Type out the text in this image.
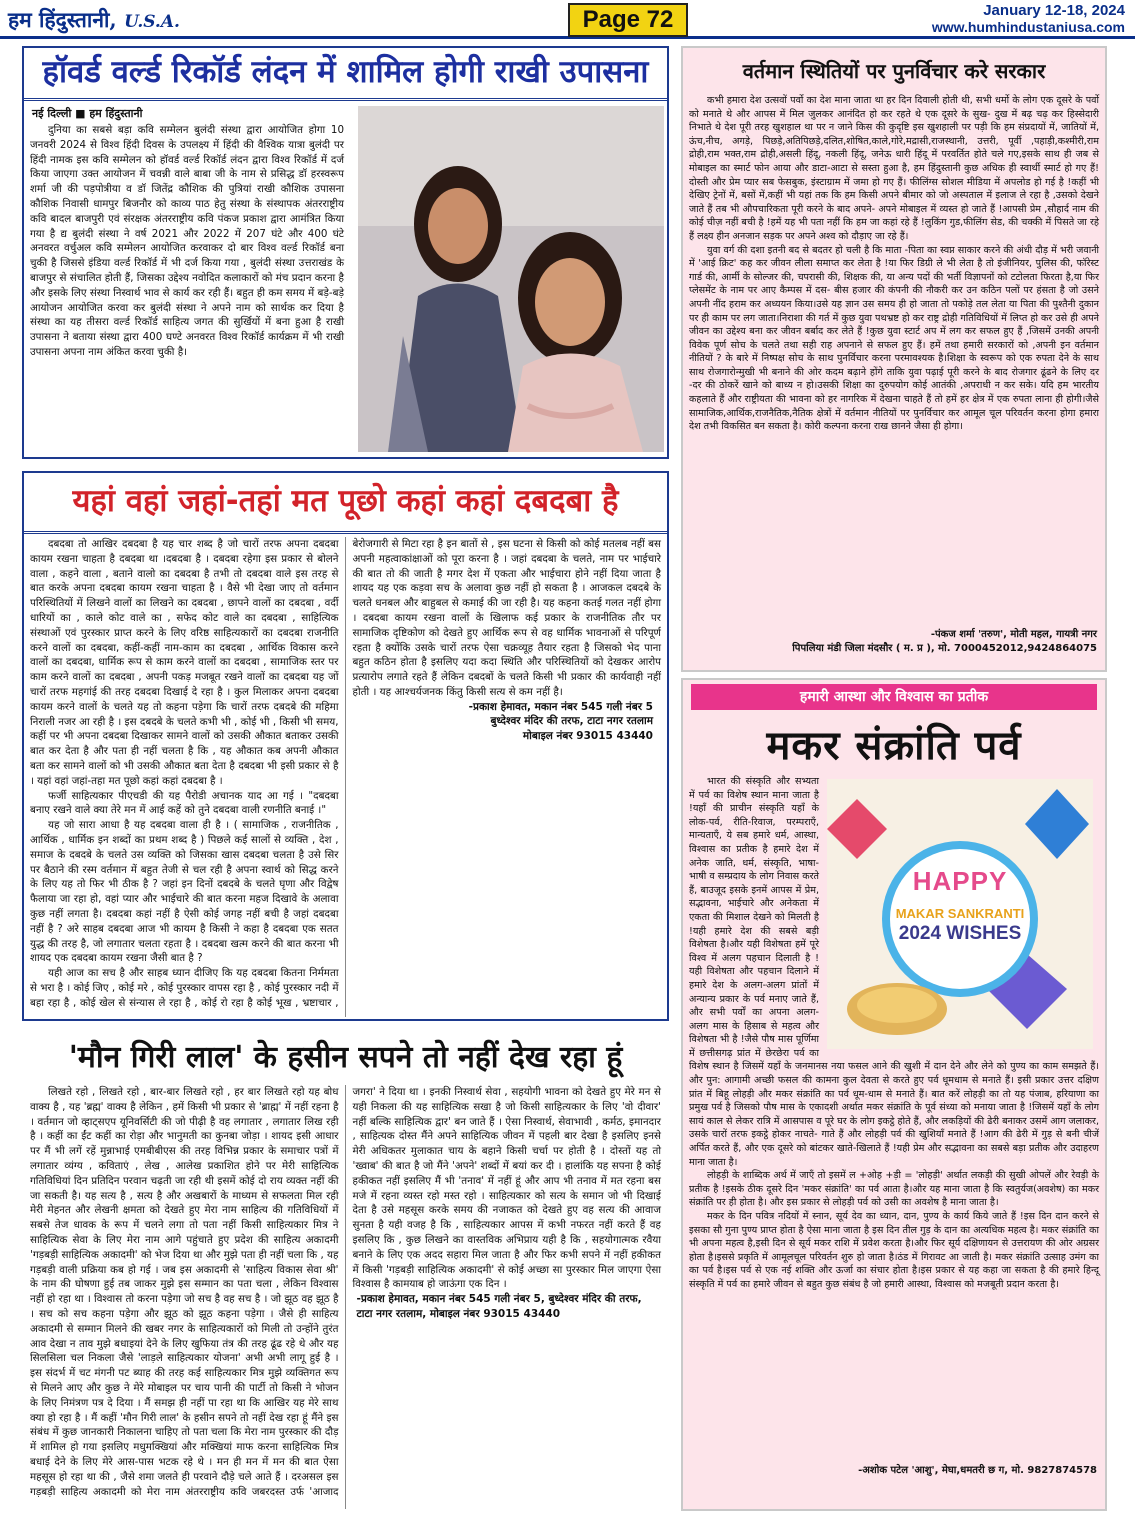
हम हिंदुस्तानी, U.S.A.	Page 72	January 12-18, 2024
www.humhindustaniusa.com
हॉवर्ड वर्ल्ड रिकॉर्ड लंदन में शामिल होगी राखी उपासना
नई दिल्ली ■ हम हिंदुस्तानी

दुनिया का सबसे बड़ा कवि सम्मेलन बुलंदी संस्था द्वारा आयोजित होगा 10 जनवरी 2024 से विश्व हिंदी दिवस के उपलक्ष्य में हिंदी की वैश्विक यात्रा बुलंदी पर हिंदी नामक इस कवि सम्मेलन को हॉवर्ड वर्ल्ड रिकॉर्ड लंदन द्वारा विश्व रिकॉर्ड में दर्ज किया जाएगा उक्त आयोजन में चवन्नी वाले बाबा जी के नाम से प्रसिद्ध डॉ हरस्वरूप शर्मा जी की पड़पोत्रीया व डॉ जितेंद्र कौशिक की पुत्रियां राखी कौशिक उपासना कौशिक निवासी धामपुर बिजनौर को काव्य पाठ हेतु संस्था के संस्थापक अंतरराष्ट्रीय कवि बादल बाजपुरी एवं संरक्षक अंतरराष्ट्रीय कवि पंकज प्रकाश द्वारा आमंत्रित किया गया है द्य बुलंदी संस्था ने वर्ष 2021 और 2022 में 207 घंटे और 400 घंटे अनवरत वर्चुअल कवि सम्मेलन आयोजित करवाकर दो बार विश्व वर्ल्ड रिकॉर्ड बना चुकी है जिससे इंडिया वर्ल्ड रिकॉर्ड में भी दर्ज किया गया , बुलंदी संस्था उत्तराखंड के बाजपुर से संचालित होती हैं, जिसका उद्देश्य नवोदित कलाकारों को मंच प्रदान करना है और इसके लिए संस्था निस्वार्थ भाव से कार्य कर रही हैं। बहुत ही कम समय में बड़े-बड़े आयोजन आयोजित करवा कर बुलंदी संस्था ने अपने नाम को सार्थक कर दिया है संस्था का यह तीसरा वर्ल्ड रिकॉर्ड साहित्य जगत की सुर्खियों में बना हुआ है राखी उपासना ने बताया संस्था द्वारा 400 घण्टे अनवरत विश्व रिकॉर्ड कार्यक्रम में भी राखी उपासना अपना नाम अंकित करवा चुकी है।

यहां वहां जहां-तहां मत पूछो कहां कहां दबदबा है

दबदबा तो आखिर दबदबा है यह चार शब्द है जो चारों तरफ अपना दबदबा कायम रखना चाहता है दबदबा था ।दबदबा है । दबदबा रहेगा इस प्रकार से बोलने वाला , कहने वाला , बताने वालो का दबदबा है तभी तो दबदबा वाले इस तरह से बात करके अपना दबदबा कायम रखना चाहता है । वैसे भी देखा जाए तो वर्तमान परिस्थितियों में लिखने वालों का लिखने का दबदबा , छापने वालों का दबदबा , वर्दी धारियों का , काले कोट वाले का , सफेद कोट वाले का दबदबा , साहित्यिक संस्थाओं एवं पुरस्कार प्राप्त करने के लिए वरिष्ठ साहित्यकारों का दबदबा राजनीति करने वालों का दबदबा, कहीं-कहीं नाम-काम का दबदबा , आर्थिक विकास करने वालों का दबदबा, धार्मिक रूप से काम करने वालों का दबदबा , सामाजिक स्तर पर काम करने वालों का दबदबा , अपनी पकड़ मजबूत रखने वालों का दबदबा यह जों चारों तरफ महगांई की तरह दबदबा दिखाई दे रहा है । कुल मिलाकर अपना दबदबा कायम करने वालों के चलते यह तो कहना पड़ेगा कि चारों तरफ दबदबे की महिमा निराली नजर आ रही है । इस दबदबे के चलते कभी भी , कोई भी , किसी भी समय, कहीं पर भी अपना दबदबा दिखाकर सामने वालों को उसकी औकात बताकर उसकी बात कर देता है और पता ही नहीं चलता है कि , यह औकात कब अपनी औकात बता कर सामने वालों को भी उसकी औकात बता देता है दबदबा भी इसी प्रकार से है । यहां वहां जहां-तहा मत पूछो कहां कहां दबदबा है ।

फर्जी साहित्यकार पीएचडी की यह पैरोडी अचानक याद आ गई । "दबदबा बनाए रखने वाले क्या तेरे मन में आई कहें को तुने दबदबा वाली रणनीति बनाई ।"

यह जो सारा आधा है यह दबदबा वाला ही है । ( सामाजिक , राजनीतिक , आर्थिक , धार्मिक इन शब्दों का प्रथम शब्द है ) पिछले कई सालों से व्यक्ति , देश , समाज के दबदबे के चलते उस व्यक्ति को जिसका खास दबदबा चलता है उसे सिर पर बैठाने की रस्म वर्तमान में बहुत तेजी से चल रही है अपना स्वार्थ को सिद्ध करने के लिए यह तो फिर भी ठीक है ? जहां इन दिनों दबदबे के चलते घृणा और विद्वेष फैलाया जा रहा हो, वहां प्यार और भाईचारे की बात करना महज दिखावे के अलावा कुछ नहीं लगता है। दबदबा कहां नहीं है ऐसी कोई जगह नहीं बची है जहां दबदबा नहीं है ? अरे साहब दबदबा आज भी कायम है किसी ने कहा है दबदबा एक सतत युद्ध की तरह है, जो लगातार चलता रहता है । दबदबा खत्म करने की बात करना भी शायद एक दबदबा कायम रखना जैसी बात है ?

यही आज का सच है और साहब ध्यान दीजिए कि यह दबदबा कितना निर्ममता से भरा है । कोई जिए , कोई मरे , कोई पुरस्कार वापस रहा है , कोई पुरस्कार नदी में बहा रहा है , कोई खेल से संन्यास ले रहा है , कोई रो रहा है कोई भूख , भ्रष्टाचार , बेरोजगारी से मिटा रहा है इन बातों से , इस घटना से किसी को कोई मतलब नहीं बस अपनी महत्वाकांक्षाओं को पूरा करना है । जहां दबदबा के चलते, नाम पर भाईचारे की बात तो की जाती है मगर देश में एकता और भाईचारा होने नहीं दिया जाता है शायद यह एक कड़वा सच के अलावा कुछ नहीं हो सकता है । आजकल दबदबे के चलते धनबल और बाहुबल से कमाई की जा रही है। यह कहना कतई गलत नहीं होगा । दबदबा कायम रखना वालों के खिलाफ कई प्रकार के राजनीतिक तौर पर सामाजिक दृष्टिकोण को देखते हुए आर्थिक रूप से वह धार्मिक भावनाओं से परिपूर्ण रहता है क्योंकि उसके चारों तरफ ऐसा चक्रव्यूह तैयार रहता है जिसको भेद पाना बहुत कठिन होता है इसलिए यदा कदा स्थिति और परिस्थितियों को देखकर आरोप प्रत्यारोप लगाते रहते हैं लेकिन दबदबों के चलते किसी भी प्रकार की कार्यवाही नहीं होती । यह आश्चर्यजनक किंतु किसी सत्य से कम नहीं है।

-प्रकाश हेमावत, मकान नंबर 545 गली नंबर 5
बुध्देश्वर मंदिर की तरफ, टाटा नगर रतलाम
मोबाइल नंबर 93015 43440
'मौन गिरी लाल' के हसीन सपने तो नहीं देख रहा हूं

लिखते रहो , लिखते रहो , बार-बार लिखते रहो , हर बार लिखते रहो यह बोध वाक्य है , यह 'ब्रह्म' वाक्य है लेकिन , हमें किसी भी प्रकार से 'ब्राह्म' में नहीं रहना है । वर्तमान जो व्हाट्सएप यूनिवर्सिटी की जो पीढ़ी है वह लगातार , लगातार लिख रही है । कहीं का ईंट कहीं का रोड़ा और भानुमती का कुनबा जोड़ा । शायद इसी आधार पर मैं भी लगें रहें मुन्नाभाई एमबीबीएस की तरह विभिन्न प्रकार के समाचार पत्रों में लगातार व्यंग्य , कविताएं , लेख , आलेख प्रकाशित होने पर मेरी साहित्यिक गतिविधियां दिन प्रतिदिन परवान चढ़ती जा रही थी इसमें कोई दो राय व्यक्त नहीं की जा सकती है। यह सत्य है , सत्य है और अखबारों के माध्यम से सफलता मिल रही मेरी मेहनत और लेखनी क्षमता को देखते हुए मेरा नाम साहित्य की गतिविधियों में सबसे तेज धावक के रूप में चलने लगा तो पता नहीं किसी साहित्यकार मित्र ने साहित्यिक सेवा के लिए मेरा नाम आगे पहुंचाते हुए प्रदेश की साहित्य अकादमी 'गड़बड़ी साहित्यिक अकादमी' को भेज दिया था और मुझे पता ही नहीं चला कि , यह गड़बड़ी वाली प्रक्रिया कब हो गई । जब इस अकादमी से 'साहित्य विकास सेवा श्री' के नाम की घोषणा हुई तब जाकर मुझे इस सम्मान का पता चला , लेकिन विश्वास नहीं हो रहा था । विश्वास तो करना पड़ेगा जो सच है वह सच है । जो झूठ वह झूठ है । सच को सच कहना पड़ेगा और झूठ को झूठ कहना पड़ेगा । जैसे ही साहित्य अकादमी से सम्मान मिलने की खबर नगर के साहित्यकारों को मिली तो उन्होंने तुरंत आव देखा न ताव मुझे बधाइयां देने के लिए खुफिया तंत्र की तरह ढूंढ रहे थे और यह सिलसिला चल निकला जैसे 'लाड़ले साहित्यकार योजना' अभी अभी लागू हुई है । इस संदर्भ में चट मंगनी पट ब्याह की तरह कई साहित्यकार मित्र मुझे व्यक्तिगत रूप से मिलने आए और कुछ ने मेरे मोबाइल पर चाय पानी की पार्टी तो किसी ने भोजन के लिए निमंत्रण पत्र दे दिया । मैं समझ ही नहीं पा रहा था कि आखिर यह मेरे साथ क्या हो रहा है । मैं कहीं 'मौन गिरी लाल' के हसीन सपने तो नहीं देख रहा हूं मैंने इस संबंध में कुछ जानकारी निकालना चाहिए तो पता चला कि मेरा नाम पुरस्कार की दौड़ में शामिल हो गया इसलिए मधुमक्खियां और मक्खियां माफ करना साहित्यिक मित्र बधाई देने के लिए मेरे आस-पास भटक रहे थे । मन ही मन में मन की बात ऐसा महसूस हो रहा था की , जैसे शमा जलते ही परवाने दौड़े चले आते हैं । दरअसल इस गड़बड़ी साहित्य अकादमी को मेरा नाम अंतरराष्ट्रीय कवि जबरदस्त उर्फ 'आजाद जगरा' ने दिया था । इनकी निस्वार्थ सेवा , सहयोगी भावना को देखते हुए मेरे मन से यही निकला की यह साहित्यिक सखा है जो किसी साहित्यकार के लिए 'वो दीवार' नहीं बल्कि साहित्यिक द्वार' बन जाते हैं । ऐसा निस्वार्थ, सेवाभावी , कर्मठ, इमानदार , साहित्यक दोस्त मैंने अपने साहित्यिक जीवन में पहली बार देखा है इसलिए इनसे मेरी अधिकतर मुलाकात चाय के बहाने किसी चर्चा पर होती है । दोस्तों यह तो 'ख्वाब' की बात है जो मैंने 'अपने' शब्दों में बयां कर दी । हालांकि यह सपना है कोई हकीकत नहीं इसलिए मैं भी 'तनाव' में नहीं हूं और आप भी तनाव में मत रहना बस मजे में रहना व्यस्त रहो मस्त रहो । साहित्यकार को सत्य के समान जो भी दिखाई देता है उसे महसूस करके समय की नजाकत को देखते हुए वह सत्य की आवाज सुनता है यही वजह है कि , साहित्यकार आपस में कभी नफरत नहीं करते हैं वह इसलिए कि , कुछ लिखने का वास्तविक अभिप्राय यही है कि , सहयोगात्मक रवैया बनाने के लिए एक अदद सहारा मिल जाता है और फिर कभी सपने में नहीं हकीकत में किसी 'गड़बड़ी साहित्यिक अकादमी' से कोई अच्छा सा पुरस्कार मिल जाएगा ऐसा विश्वास है कामयाब हो जाऊंगा एक दिन ।

-प्रकाश हेमावत, मकान नंबर 545 गली नंबर 5, बुध्देश्वर मंदिर की तरफ, टाटा नगर रतलाम, मोबाइल नंबर 93015 43440
वर्तमान स्थितियों पर पुनर्विचार करे सरकार

कभी हमारा देश उत्सवों पर्वो का देश माना जाता था हर दिन दिवाली होती थी, सभी धर्मो के लोग एक दूसरे के पर्वो को मनाते थे और आपस में मिल जुलकर आनंदित हो कर रहते थे एक दूसरे के सुख- दुख में बढ़ चढ़ कर हिस्सेदारी निभाते थे देश पूरी तरह खुशहाल था पर न जाने किस की कुदृष्टि इस खुशहाली पर पड़ी कि हम संप्रदायों में, जातियों में, ऊंच,नीच, अगड़े, पिछड़े,अतिपिछड़े,दलित,शोषित,काले,गोरे,मद्रासी,राजस्थानी, उत्तरी, पूर्वी ,पहाड़ी,कश्मीरी,राम द्रोही,राम भक्त,राम द्रोही,असली हिंदू, नकली हिंदू, जनेऊ धारी हिंदू में परवर्तित होते चले गए,इसके साथ ही जब से मोबाइल का स्मार्ट फोन आया और डाटा-आटा से सस्ता हुआ है, हम हिंदुस्तानी कुछ अधिक ही स्वार्थी स्मार्ट हो गए हैं! दोस्ती और प्रेम प्यार सब फेसबुक, इंस्टाग्राम में जमा हो गए हैं। फीलिंग्स सोशल मीडिया में अपलोड हो गई है !कहीं भी देखिए ट्रेनों में, बसों में,कहीं भी यहां तक कि हम किसी अपने बीमार को जो अस्पताल में इलाज ले रहा है ,उसको देखने जाते हैं तब भी औपचारिकता पूरी करने के बाद अपने- अपने मोबाइल में व्यस्त हो जाते हैं !आपसी प्रेम ,सौहार्द नाम की कोई चीज़ नहीं बची है !हमें यह भी पता नहीं कि हम जा कहां रहे हैं !लुकिंग गुड,फीलिंग सेड, की चक्की में पिसते जा रहे हैं लक्ष्य हीन अनजान सड़क पर अपने अश्व को दौड़ाए जा रहे हैं।

युवा वर्ग की दशा इतनी बद से बदतर हो चली है कि माता -पिता का स्वप्न साकार करने की अंधी दौड़ में भरी जवानी में 'आई क्रिट' कह कर जीवन लीला समाप्त कर लेता है !या फिर डिग्री ले भी लेता है तो इंजीनियर, पुलिस की, फॉरेस्ट गार्ड की, आर्मी के सोल्जर की, चपरासी की, शिक्षक की, या अन्य पदों की भर्ती विज्ञापनों को टटोलता फिरता है,या फिर प्लेसमेंट के नाम पर आए कैम्पस में दस- बीस हजार की कंपनी की नौकरी कर उन कठिन पलों पर हंसता है जो उसने अपनी नींद हराम कर अध्ययन किया।उसे यह ज्ञान उस समय ही हो जाता तो पकोड़े तल लेता या पिता की पुश्तैनी दुकान पर ही काम पर लग जाता।निराशा की गर्त में कुछ युवा पथभ्रष्ट हो कर राष्ट्र द्रोही गतिविधियों में लिप्त हो कर उसे ही अपने जीवन का उद्देश्य बना कर जीवन बर्बाद कर लेते हैं !कुछ युवा स्टार्ट अप में लग कर सफल हुए हैं ,जिसमें उनकी अपनी विवेक पूर्ण सोच के चलते तथा सही राह अपनाने से सफल हुए हैं। हमें तथा हमारी सरकारों को ,अपनी इन वर्तमान नीतियों ? के बारे में निष्पक्ष सोच के साथ पुनर्विचार करना परमावश्यक है।शिक्षा के स्वरूप को एक रुपता देने के साथ साथ रोजगारोन्मुखी भी बनाने की ओर कदम बढ़ाने होंगे ताकि युवा पढ़ाई पूरी करने के बाद रोजगार ढूंढने के लिए दर -दर की ठोकरें खाने को बाध्य न हो।उसकी शिक्षा का दुरुपयोग कोई आतंकी ,अपराधी न कर सके। यदि हम भारतीय कहलाते हैं और राष्ट्रीयता की भावना को हर नागरिक में देखना चाहते हैं तो हमें हर क्षेत्र में एक रुपता लाना ही होगी।जैसे सामाजिक,आर्थिक,राजनैतिक,नैतिक क्षेत्रों में वर्तमान नीतियों पर पुनर्विचार कर आमूल चूल परिवर्तन करना होगा हमारा देश तभी विकसित बन सकता है। कोरी कल्पना करना राख छानने जैसा ही होगा।

-पंकज शर्मा 'तरुण', मोती महल, गायत्री नगर
पिपलिया मंडी जिला मंदसौर ( म. प्र ), मो. 7000452012,9424864075
हमारी आस्था और विश्वास का प्रतीक
मकर संक्रांति पर्व
HAPPY
MAKAR SANKRANTI
2024 WISHES

भारत की संस्कृति और सभ्यता में पर्व का विशेष स्थान माना जाता है !यहाँ की प्राचीन संस्कृति यहाँ के लोक-पर्व, रीति-रिवाज, परम्पराएँ, मान्यताएँ, ये सब हमारे धर्म, आस्था, विश्वास का प्रतीक है हमारे देश में अनेक जाति, धर्म, संस्कृति, भाषा-भाषी व सम्प्रदाय के लोग निवास करते हैं, बाउजूद इसके इनमें आपस में प्रेम, सद्भावना, भाईचारे और अनेकता में एकता की मिशाल देखने को मिलती है !यही हमारे देश की सबसे बड़ी विशेषता है।और यही विशेषता हमें पूरे विश्व में अलग पहचान दिलाती है !यही विशेषता और पहचान दिलाने में हमारे देश के अलग-अलग प्रांतों में अन्यान्य प्रकार के पर्व मनाए जाते हैं, और सभी पर्वों का अपना अलग-अलग मास के हिसाब से महत्व और विशेषता भी है !जैसे पौष मास पूर्णिमा में छत्तीसगढ़ प्रांत में छेरछेरा पर्व का विशेष स्थान है जिसमें यहाँ के जनमानस नया फसल आने की खुशी में दान देने और लेने को पुण्य का काम समझते हैं।और पुन: आगामी अच्छी फसल की कामना कुल देवता से करते हुए पर्व धूमधाम से मनाते हैं। इसी प्रकार उत्तर दक्षिण प्रांत में बिहू लोहड़ी और मकर संक्रांति का पर्व धूम-धाम से मनाते हैं। बात करें लोहड़ी का तो यह पंजाब, हरियाणा का प्रमुख पर्व है जिसको पौष मास के एकादशी अर्थात मकर संक्रांति के पूर्व संध्या को मनाया जाता है !जिसमें यहाँ के लोग सायं काल से लेकर रात्रि में आसपास व पूरे घर के लोग इकट्ठे होते हैं, और लकड़ियों की ढेरी बनाकर उसमें आग जलाकर, उसके चारों तरफ इकट्ठे होकर नाचते- गाते हैं और लोहड़ी पर्व की खुशियाँ मनाते हैं !आग की ढेरी में गुड़ से बनी चीजें अर्पित करते हैं, और एक दूसरे को बांटकर खाते-खिलाते हैं !यही प्रेम और सद्भावना का सबसे बड़ा प्रतीक और उदाहरण माना जाता है।

लोहड़ी के शाब्दिक अर्थ में जाएँ तो इसमें ल +ओह +ड़ी = 'लोहड़ी' अर्थात लकड़ी की सुखी ओपलें और रेवड़ी के प्रतीक है !इसके ठीक दूसरे दिन 'मकर संक्रांति' का पर्व आता है।और यह माना जाता है कि स्वतुर्यज(अवशेष) का मकर संक्रांति पर ही होता है। और इस प्रकार से लोहड़ी पर्व को उसी का अवशेष है माना जाता है।

मकर के दिन पवित्र नदियों में स्नान, सूर्य देव का ध्यान, दान, पुण्य के कार्य किये जाते हैं !इस दिन दान करने से इसका सौ गुना पुण्य प्राप्त होता है ऐसा माना जाता है इस दिन तील गुड़ के दान का अत्यधिक महत्व है। मकर संक्रांति का भी अपना महत्व है,इसी दिन से सूर्य मकर राशि में प्रवेश करता है।और फिर सूर्य दक्षिणायन से उत्तरायण की ओर अग्रसर होता है।इससे प्रकृति में आमूलचूल परिवर्तन शुरु हो जाता है।ठंड में गिरावट आ जाती है। मकर संक्रांति उत्साह उमंग का का पर्व है।इस पर्व से एक नई शक्ति और ऊर्जा का संचार होता है।इस प्रकार से यह कहा जा सकता है की हमारे हिन्दू संस्कृति में पर्व का हमारे जीवन से बहुत कुछ संबंध है जो हमारी आस्था, विश्वास को मजबूती प्रदान करता है।

-अशोक पटेल 'आशु', मेघा,धमतरी छ ग, मो. 9827874578
